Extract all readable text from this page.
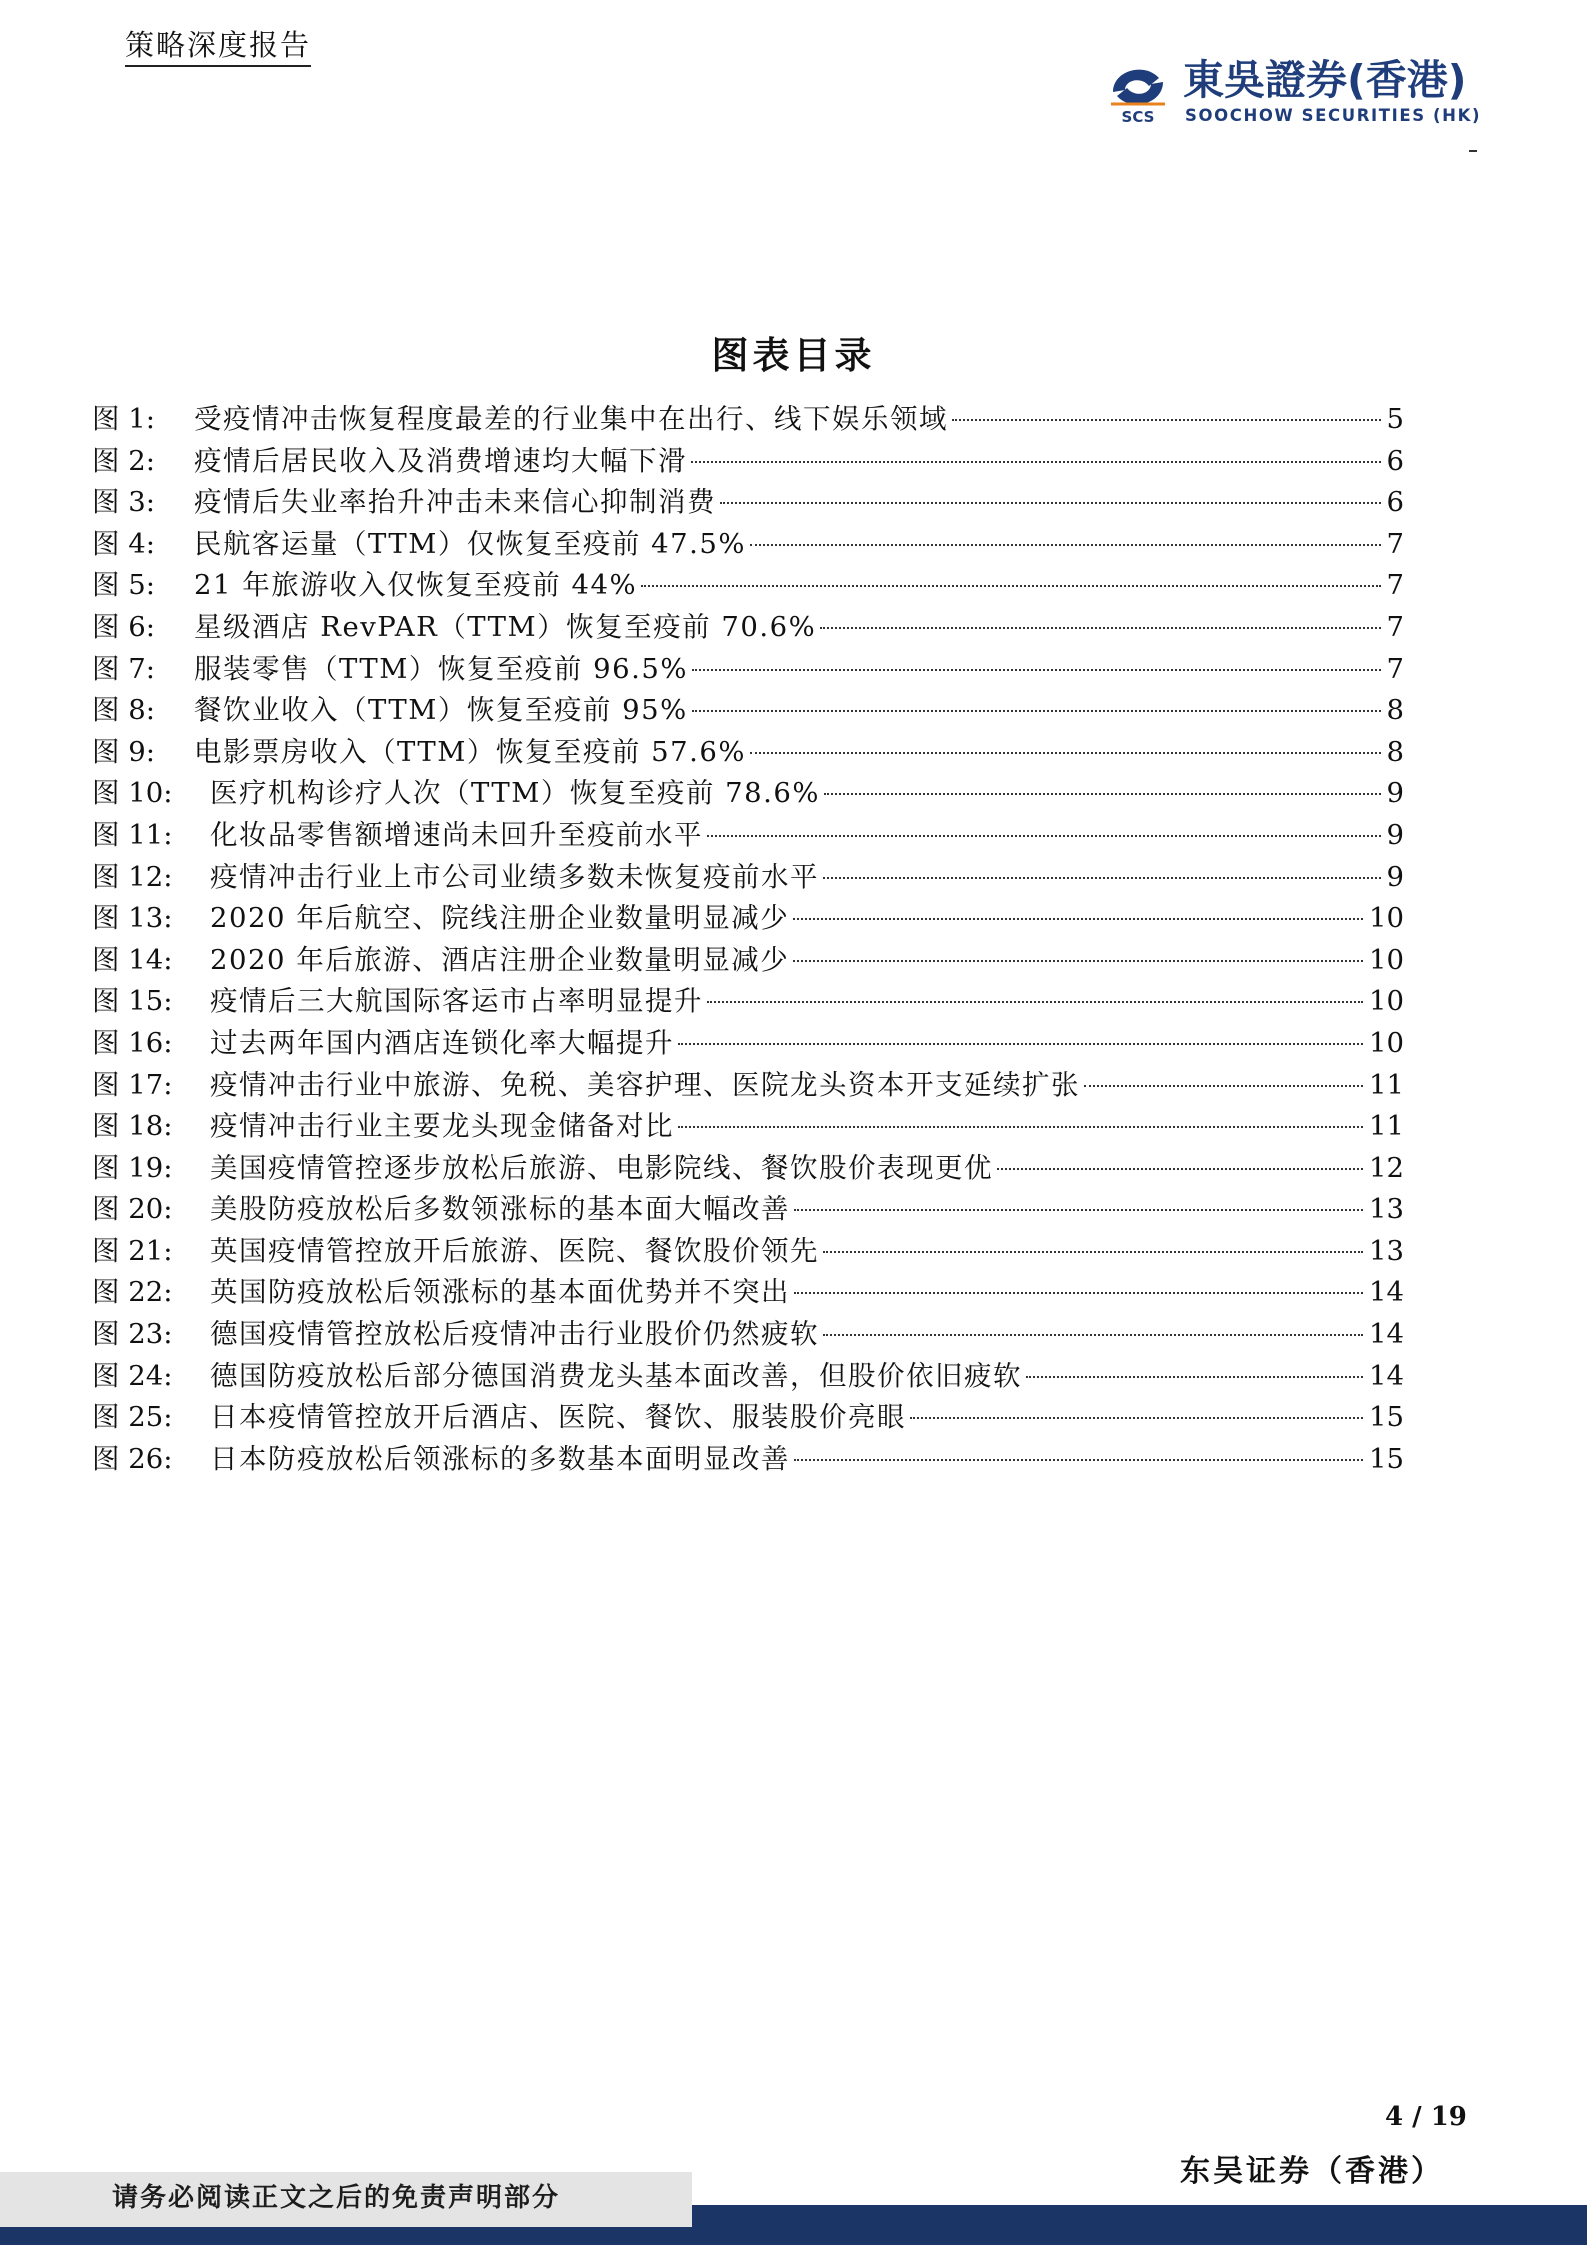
策略深度报告
SCS
東吳證券(香港)
SOOCHOW SECURITIES (HK)
图表目录
图 1:	受疫情冲击恢复程度最差的行业集中在出行、线下娱乐领域	5
图 2:	疫情后居民收入及消费增速均大幅下滑	6
图 3:	疫情后失业率抬升冲击未来信心抑制消费	6
图 4:	民航客运量（TTM）仅恢复至疫前 47.5%	7
图 5:	21 年旅游收入仅恢复至疫前 44%	7
图 6:	星级酒店 RevPAR（TTM）恢复至疫前 70.6%	7
图 7:	服装零售（TTM）恢复至疫前 96.5%	7
图 8:	餐饮业收入（TTM）恢复至疫前 95%	8
图 9:	电影票房收入（TTM）恢复至疫前 57.6%	8
图 10:	医疗机构诊疗人次（TTM）恢复至疫前 78.6%	9
图 11:	化妆品零售额增速尚未回升至疫前水平	9
图 12:	疫情冲击行业上市公司业绩多数未恢复疫前水平	9
图 13:	2020 年后航空、院线注册企业数量明显减少	10
图 14:	2020 年后旅游、酒店注册企业数量明显减少	10
图 15:	疫情后三大航国际客运市占率明显提升	10
图 16:	过去两年国内酒店连锁化率大幅提升	10
图 17:	疫情冲击行业中旅游、免税、美容护理、医院龙头资本开支延续扩张	11
图 18:	疫情冲击行业主要龙头现金储备对比	11
图 19:	美国疫情管控逐步放松后旅游、电影院线、餐饮股价表现更优	12
图 20:	美股防疫放松后多数领涨标的基本面大幅改善	13
图 21:	英国疫情管控放开后旅游、医院、餐饮股价领先	13
图 22:	英国防疫放松后领涨标的基本面优势并不突出	14
图 23:	德国疫情管控放松后疫情冲击行业股价仍然疲软	14
图 24:	德国防疫放松后部分德国消费龙头基本面改善，但股价依旧疲软	14
图 25:	日本疫情管控放开后酒店、医院、餐饮、服装股价亮眼	15
图 26:	日本防疫放松后领涨标的多数基本面明显改善	15
4 / 19
东吴证券（香港）
请务必阅读正文之后的免责声明部分
